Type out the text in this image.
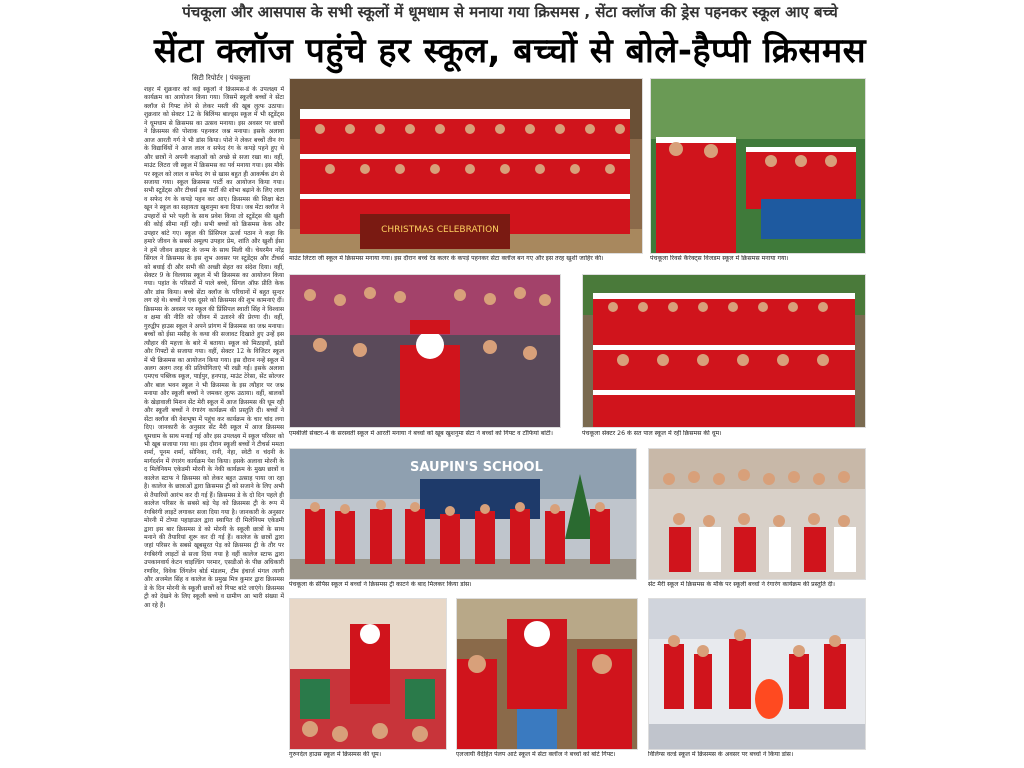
पंचकूला और आसपास के सभी स्कूलों में धूमधाम से मनाया गया क्रिसमस , सेंटा क्लॉज की ड्रेस पहनकर स्कूल आए बच्चे
सेंटा क्लॉज पहुंचे हर स्कूल, बच्चों से बोले-हैप्पी क्रिसमस
सिटी रिपोर्टर | पंचकूला
शहर में शुक्रवार को कई स्कूलों ने क्रिसमस-डे के उपलक्ष्य में कार्यक्रम का आयोजन किया गया। जिसमें स्कूली बच्चों ने सेंटा क्लॉज से गिफ्ट लेने से लेकर मस्ती की खूब लुत्फ उठाया। शुक्रवार को सेक्टर 12 के बिलिंग्स बाल्ड्स स्कूल में भी स्टूडेंट्स ने धूमधाम से क्रिसमस का उत्सव मनाया। इस अवसर पर छात्रों ने क्रिसमस की पोशाक पहनकर जश्न मनाया। इसके अलावा आज आरती गर्ग ने भी डांस किया। पोशे ने लेकर बच्चों तीन रंग के विद्यार्थियों ने आज लाल व सफेद रंग के कपड़े पहने हुए थे और छात्रों ने अपनी कक्षाओं को अच्छे से सजा रखा था। वहीं, माउंट लिटरा जी स्कूल में क्रिसमस का पर्व मनाया गया। इस मौके पर स्कूल को लाल व सफेद रंग से खास बहुत ही आकर्षक ढंग से सजाया गया। स्कूल क्रिसमस पार्टी का आयोजन किया गया। सभी स्टूडेंट्स और टीचर्स इस पार्टी की शोभा बढ़ाने के लिए लाल व सफेद रंग के कपड़े पहन कर आए। क्रिसमस की शिक्षा बेटा खून ने स्कूल का सहायता खुशनुमा बना दिया। जब मेंटा क्लॉज ने उपहारों से भरे पहरी के साथ प्रवेश किया तो स्टूडेंट्स की खुशी की कोई सीमा नहीं रही। सभी बच्चों को क्रिसमस केक और उपहार बांटे गए। स्कूल की प्रिंसिपल ऊर्जा पठान ने कहा कि हमारे जीवन के सबसे अमूल्य उपहार प्रेम, शांति और खुशी ईसा ने हमें जीवन क्राइस्ट के जन्म के साथ मिली थी। चेयरमैन नरेंद्र सिंगल ने क्रिसमस के इस शुभ अवसर पर स्टूडेंट्स और टीचर्स को बधाई दी और सभी की अच्छी सेहत का संदेश दिया। वहीं, सेक्टर 9 के विलयास स्कूल में भी क्रिसमस का आयोजन किया गया। पहांत के परिसरों में पाले बच्चे, सिंगल ऑफ़ प्रीति केक और डांस किया। बच्चे सेंटा क्लॉज के परिधानों में बहुत सुन्दर लग रहे थे। बच्चों ने एक दूसरे को क्रिसमस की शुभ कामनाएं दीं। क्रिसमस के अवसर पर स्कूल की प्रिंसिपल स्वाती सिंह ने विश्वास व क्षमा की नीति को जीवन में उतारने की प्रेरणा दी। वहीं, गुरुद्वीप हाउस स्कूल ने अपने प्रांगण में क्रिसमस का जश्न मनाया। बच्चों को ईसा मसीह के कथा की सजावट दिखाते हुए उन्हें इस त्यौहार की महत्ता के बारे में बताया। स्कूल को मिठाइयों, झंडों और गिफ्टों से सजाया गया। वहीं, सेक्टर 12 के विजिटर स्कूल में भी क्रिसमस का आयोजन किया गया। इस दौरान नन्हें स्कूल में अलग अलग तरह की प्रतियोगिताएं भी रखी गईं। इसके अलावा एमएच पब्लिक स्कूल, पाईपुर, हनपाड़, माउंट टेरेसा, सेंट सोल्जर और बाल भवन स्कूल ने भी क्रिसमस के इस त्यौहार पर जश्न मनाया और स्कूली बच्चों ने जमकर लुत्फ उठाया। वहीं, बालकों के खेड़ावाली मिशन सेंट मेरी स्कूल में आज क्रिसमस की धूम रही और स्कूली बच्चों ने रंगारंग कार्यक्रम की प्रस्तुति दी। बच्चों ने सेंटा क्लॉज की वेशभूषा में पहुंच कर कार्यक्रम के चार चांद लगा दिए। जानकारी के अनुसार सेंट मैरी स्कूल में आज क्रिसमस धूमधाम के साथ मनाई गई और इस उपलक्ष्य में स्कूल परिसर को भी खूब सजाया गया था। इस दौरान स्कूली बच्चों ने टीचर्स ममता शर्मा, पूनम शर्मा, सोनिका, रानी, नेहा, स्वेटी व चंदनी के मार्गदर्शन में रंगारंग कार्यक्रम पेश किया। इसके अलावा मोरनी के द मिलेनियम एकेडमी मोरनी के नेकी कार्यक्रम के मुख्य छात्रों व कालेज स्टाफ ने क्रिसमस को लेकर बहुत उत्साह पाया जा रहा है। कालेज के छात्राओं द्वारा क्रिसमस ट्री को सजाने के लिए अभी से तैयारियों आरंभ कर दी गई हैं। क्रिसमस डे के दो दिन पहले ही कालेज परिसर के सबसे बड़े पेड़ को क्रिसमस ट्री के रूप में रंगबिरंगी लाइटें लगाकर सजा दिया गया है। जानकारी के अनुसार मोरनी में टोप्या पहाड़ाउल द्वारा स्थापित दी मिलेनियम एकेडमी द्वारा इस बार क्रिसमस डे को मोरनी के स्कूली छात्रों के साथ मनाने की तैयारियां शुरू कर दी गई हैं। कालेज के छात्रों द्वारा जहां परिसर के सबसे खूबसूरत पेड़ को क्रिसमस ट्री के तौर पर रंगबिरंगी लाइटों से सजा दिया गया है वहीं कालेज स्टाफ द्वारा उपकानवार्य केटन चाइल्डिंग परमार, एसडीओ के पीछ अधिकारी रणविर, विवेक लिंगलेन बोर्ड मंडलम, टीम इंचार्ज मंगल त्यागी और अजमेल सिंह व कालेज के प्रमुख मित्र कुमार द्वारा क्रिसमस डे के दिन मोरनी के स्कूली छात्रों को गिफ्ट बांटे जाएंगे। क्रिसमस ट्री को देखने के लिए स्कूली बच्चे व ग्रामीण आ भारी संख्या में आ रहे हैं।
CHRISTMAS CELEBRATION
माउंट लिटरा जी स्कूल में क्रिसमस मनाया गया। इस दौरान बच्चे रेड कलर के कपड़े पहनकर सेंटा क्लॉज बन गए और इस तरह खुशी जाहिर की।	पंचकूला रिवर्स कैरेक्ट्स विजडम स्कूल में क्रिसमस मनाया गया।
एमबीजी सेक्टर-4 के सरस्वती स्कूल में आरती मनाया ने बच्चों को खूब खुशनुमा सेंटा ने बच्चों को गिफ्ट व टॉफियां बांटीं।	पंचकूला सेक्टर 26 के सत पाल स्कूल में रही क्रिसमस की धूम।
SAUPIN'S SCHOOL
पंचकूला के सेंपिंस स्कूल में बच्चों ने क्रिसमस ट्री काटने के बाद मिलकर किया डांस।	सेंट मैरी स्कूल में क्रिसमस के मौके पर स्कूली बच्चों ने रंगारंग कार्यक्रम की प्रस्तुति दी।
गुरुनदेल हाउस स्कूल में क्रिसमस की धूम।	एलजायी वैदेहित पेलप आर्ट स्कूल में सेंटा क्लॉज ने बच्चों को बांटे गिफ्ट।	विलिंग्स वर्ल्ड स्कूल में क्रिसमस के अवसर पर बच्चों ने किया डांस।
